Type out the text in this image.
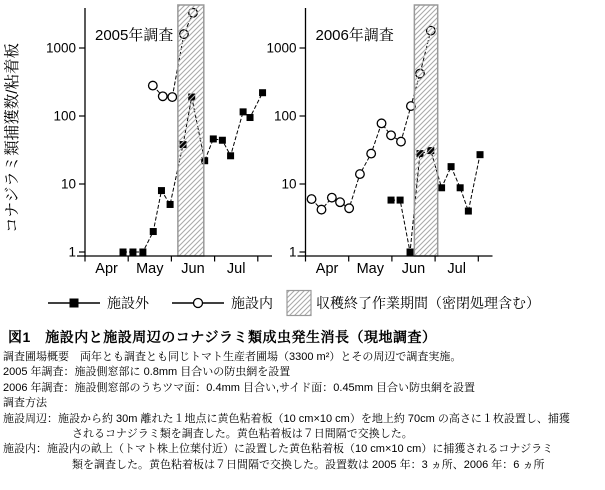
Apr May Jun Jul
1
10
100
1000
2005年調査
Apr May Jun Jul
1
10
100
1000
2006年調査
コナジラミ類捕獲数/粘着板
施設外	施設内	収穫終了作業期間（密閉処理含む）
図1　施設内と施設周辺のコナジラミ類成虫発生消長（現地調査）
調査圃場概要　両年とも調査とも同じトマト生産者圃場（3300 m²）とその周辺で調査実施。
2005 年調査：施設側窓部に 0.8mm 目合いの防虫網を設置
2006 年調査：施設側窓部のうちツマ面：0.4mm 目合い,サイド面：0.45mm 目合い防虫網を設置
調査方法
施設周辺：施設から約 30m 離れた１地点に黄色粘着板（10 cm×10 cm）を地上約 70cm の高さに１枚設置し、捕獲
されるコナジラミ類を調査した。黄色粘着板は７日間隔で交換した。
施設内：施設内の畝上（トマト株上位葉付近）に設置した黄色粘着板（10 cm×10 cm）に捕獲されるコナジラミ
類を調査した。黄色粘着板は７日間隔で交換した。設置数は 2005 年：3 ヵ所、2006 年：6 ヵ所
